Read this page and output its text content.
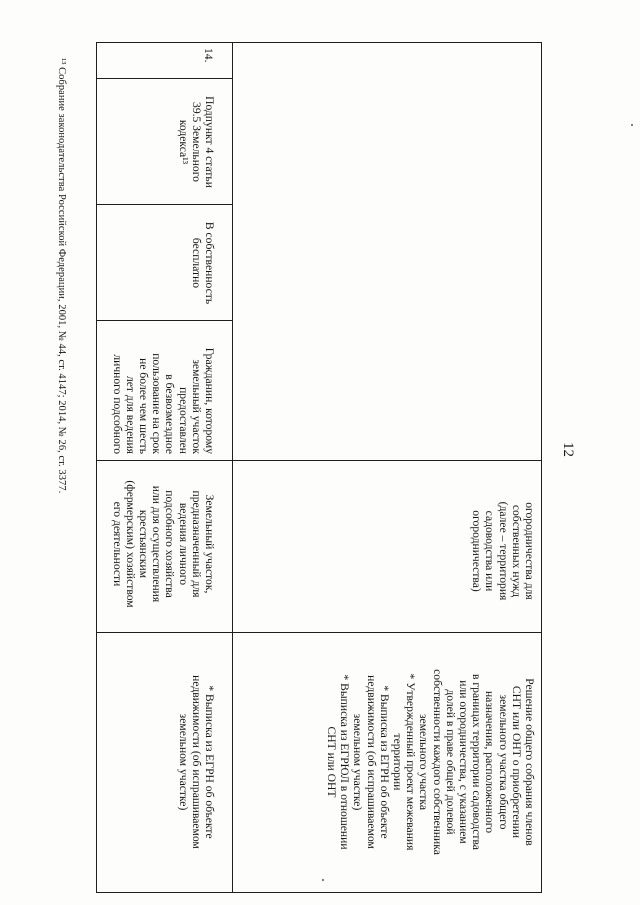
12
¹³ Собрание законодательства Российской Федерации, 2001, № 44, ст. 4147; 2014, № 26, ст. 3377.
14.
Подпункт 4 статьи
39.5 Земельного
кодекса¹³
В собственность
бесплатно
Гражданин, которому
земельный участок
предоставлен
в безвозмездное
пользование на срок
не более чем шесть
лет для ведения
личного подсобного
Земельный участок,
предназначенный для
ведения личного
подсобного хозяйства
или для осуществления
крестьянским
(фермерским) хозяйством
его деятельности
* Выписка из ЕГРН об объекте
недвижимости (об испрашиваемом
земельном участке)
огородничества для
собственных нужд
(далее – территория
садоводства или
огородничества)
Решение общего собрания членов
СНТ или ОНТ о приобретении
земельного участка общего
назначения, расположенного
в границах территории садоводства
или огородничества, с указанием
долей в праве общей долевой
собственности каждого собственника
земельного участка
* Утвержденный проект межевания
территории
* Выписка из ЕГРН об объекте
недвижимости (об испрашиваемом
земельном участке)
* Выписка из ЕГРЮЛ в отношении
СНТ или ОНТ
